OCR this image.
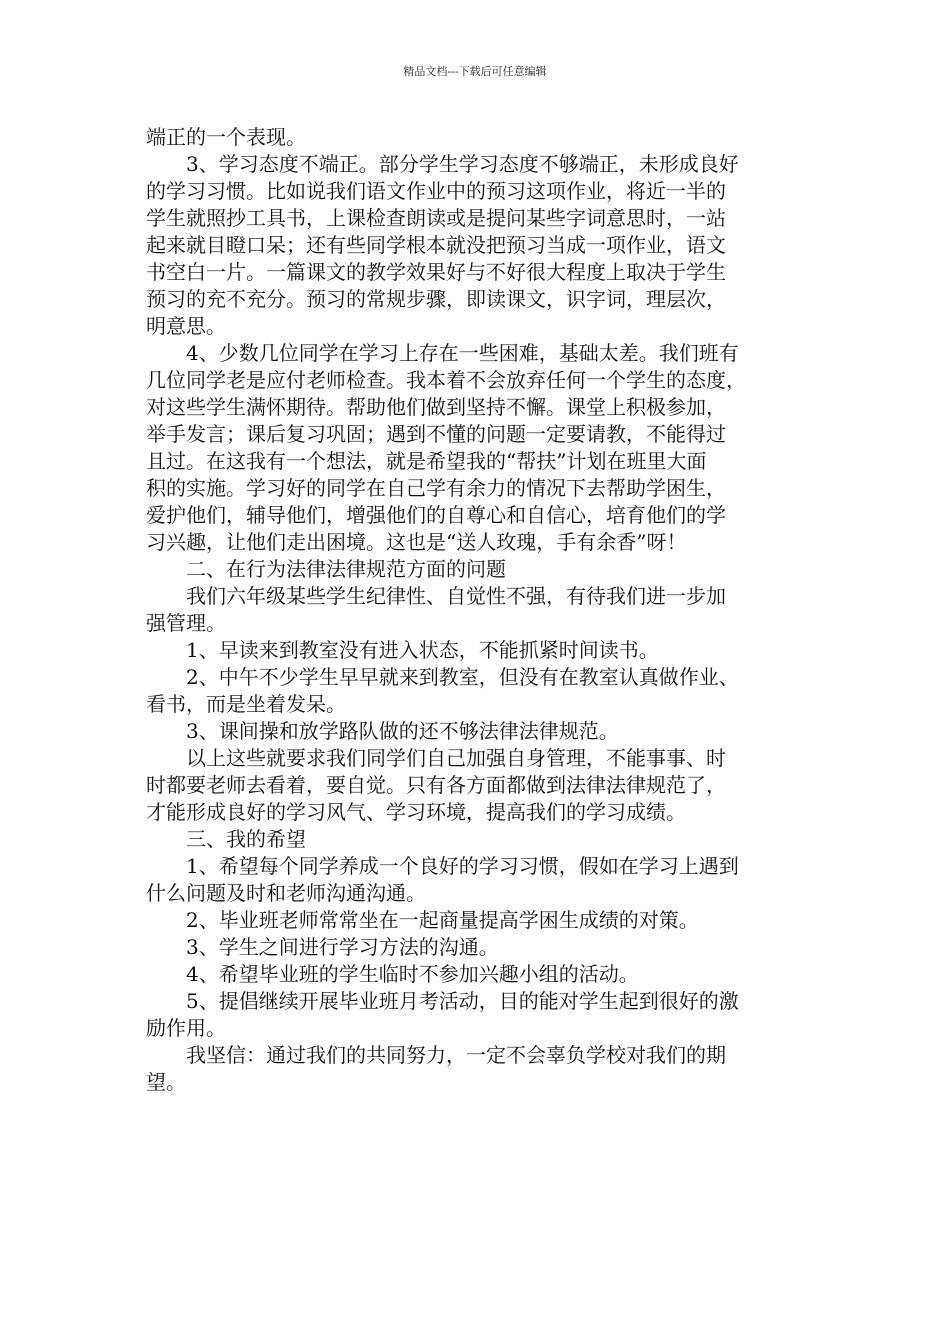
精品文档---下载后可任意编辑
端正的一个表现。
3、学习态度不端正。部分学生学习态度不够端正，未形成良好
的学习习惯。比如说我们语文作业中的预习这项作业，将近一半的
学生就照抄工具书，上课检查朗读或是提问某些字词意思时，一站
起来就目瞪口呆；还有些同学根本就没把预习当成一项作业，语文
书空白一片。一篇课文的教学效果好与不好很大程度上取决于学生
预习的充不充分。预习的常规步骤，即读课文，识字词，理层次，
明意思。
4、少数几位同学在学习上存在一些困难，基础太差。我们班有
几位同学老是应付老师检查。我本着不会放弃任何一个学生的态度，
对这些学生满怀期待。帮助他们做到坚持不懈。课堂上积极参加，
举手发言；课后复习巩固；遇到不懂的问题一定要请教，不能得过
且过。在这我有一个想法，就是希望我的“帮扶”计划在班里大面
积的实施。学习好的同学在自己学有余力的情况下去帮助学困生，
爱护他们，辅导他们，增强他们的自尊心和自信心，培育他们的学
习兴趣，让他们走出困境。这也是“送人玫瑰，手有余香”呀！
二、在行为法律法律规范方面的问题
我们六年级某些学生纪律性、自觉性不强，有待我们进一步加
强管理。
1、早读来到教室没有进入状态，不能抓紧时间读书。
2、中午不少学生早早就来到教室，但没有在教室认真做作业、
看书，而是坐着发呆。
3、课间操和放学路队做的还不够法律法律规范。
以上这些就要求我们同学们自己加强自身管理，不能事事、时
时都要老师去看着，要自觉。只有各方面都做到法律法律规范了，
才能形成良好的学习风气、学习环境，提高我们的学习成绩。
三、我的希望
1、希望每个同学养成一个良好的学习习惯，假如在学习上遇到
什么问题及时和老师沟通沟通。
2、毕业班老师常常坐在一起商量提高学困生成绩的对策。
3、学生之间进行学习方法的沟通。
4、希望毕业班的学生临时不参加兴趣小组的活动。
5、提倡继续开展毕业班月考活动，目的能对学生起到很好的激
励作用。
我坚信：通过我们的共同努力，一定不会辜负学校对我们的期
望。
